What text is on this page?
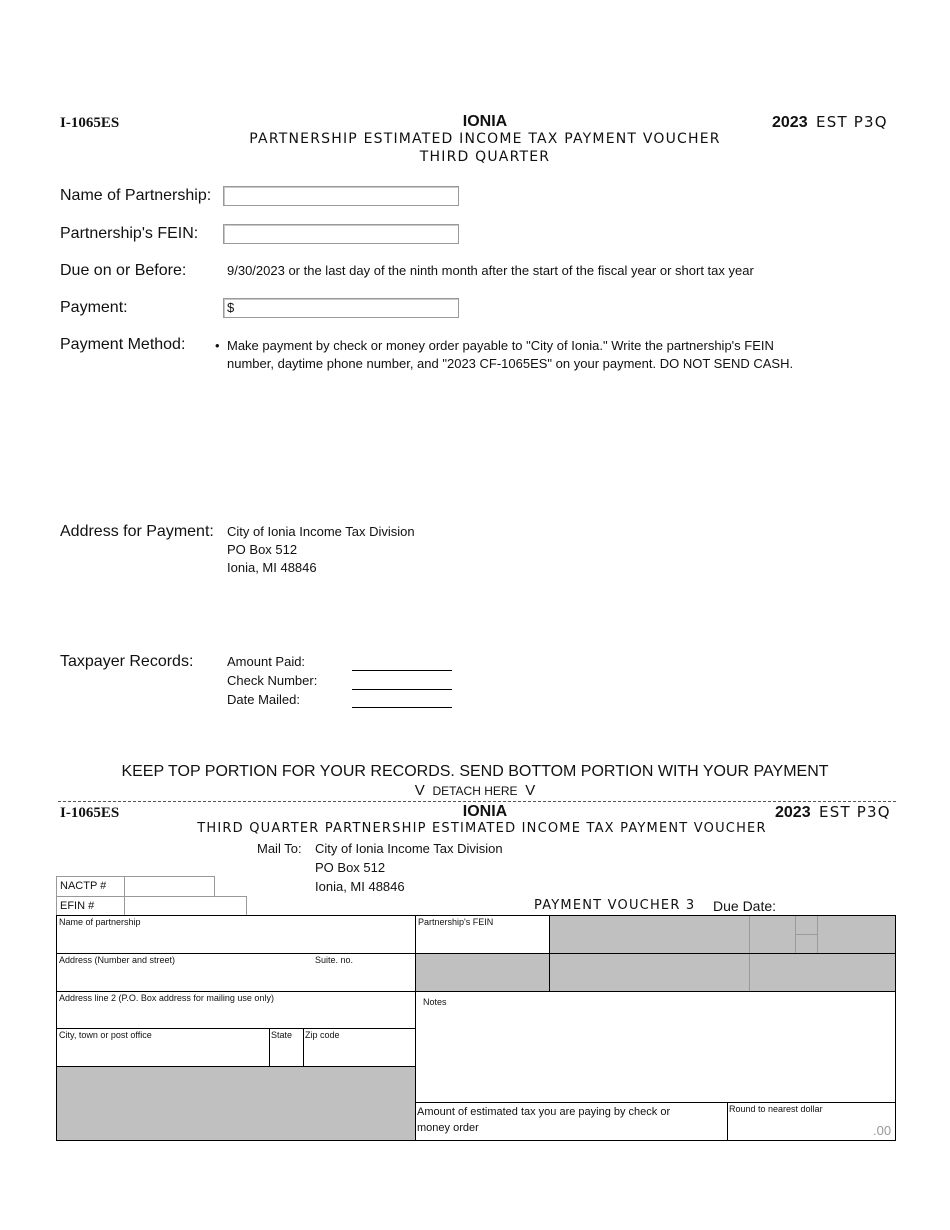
I-1065ES	IONIA
PARTNERSHIP ESTIMATED INCOME TAX PAYMENT VOUCHER
THIRD QUARTER
2023 EST P3Q
Name of Partnership:
Partnership's FEIN:
Due on or Before:	9/30/2023 or the last day of the ninth month after the start of the fiscal year or short tax year
Payment:	$
Payment Method: • Make payment by check or money order payable to "City of Ionia." Write the partnership's FEIN
number, daytime phone number, and "2023 CF-1065ES" on your payment. DO NOT SEND CASH.
Address for Payment: City of Ionia Income Tax Division
PO Box 512
Ionia, MI 48846
Taxpayer Records:	Amount Paid:
Check Number:
Date Mailed:
KEEP TOP PORTION FOR YOUR RECORDS. SEND BOTTOM PORTION WITH YOUR PAYMENT
V DETACH HERE V
I-1065ES	IONIA	2023 EST P3Q
THIRD QUARTER PARTNERSHIP ESTIMATED INCOME TAX PAYMENT VOUCHER
Mail To: City of Ionia Income Tax Division
PO Box 512
Ionia, MI 48846
NACTP #
EFIN #	PAYMENT VOUCHER 3 Due Date:
Name of partnership	Partnership's FEIN
Address (Number and street)	Suite. no.
Address line 2 (P.O. Box address for mailing use only)	Notes
City, town or post office	State Zip code
Amount of estimated tax you are paying by check or
money order
Round to nearest dollar
.00
